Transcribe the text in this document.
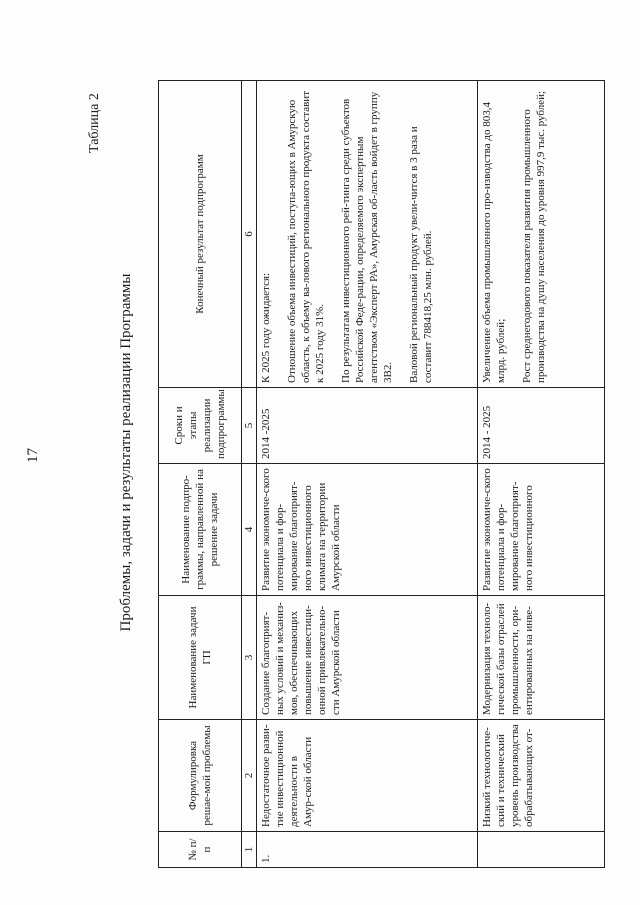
17
Таблица 2
Проблемы, задачи и результаты реализации Программы
№ п/п	Формулировка решае-мой проблемы	Наименование задачи ГП	Наименование подпро-граммы, направленной на решение задачи	Сроки и этапы реализации подпрограммы	Конечный результат подпрограмм
1	2	3	4	5	6
1.	Недостаточное разви-тие инвестиционной деятельности в Амур-ской области	Создание благоприят-ных условий и механиз-мов, обеспечивающих повышение инвестици-онной привлекательно-сти Амурской области	Развитие экономиче-ского потенциала и фор-мирование благоприят-ного инвестиционного климата на территории Амурской области	2014 -2025	К 2025 году ожидается: Отношение объема инвестиций, поступа-ющих в Амурскую область, к объему ва-лового регионального продукта составит к 2025 году 31%. По результатам инвестиционного рей-тинга среди субъектов Российской Феде-рации, определяемого экспертным агентством «Эксперт РА», Амурская об-ласть войдет в группу 3В2. Валовой региональный продукт увели-чится в 3 раза и составит 788418,25 млн. рублей.

	Низкий технологиче-ский и технический уровень производства обрабатывающих от-	Модернизация техноло-гической базы отраслей промышленности, ори-ентированных на инве-	Развитие экономиче-ского потенциала и фор-мирование благоприят-ного инвестиционного	2014 - 2025	Увеличение объема промышленного про-изводства до 803,4 млрд. рублей; Рост среднегодового показателя развития промышленного производства на душу населения до уровня 997,9 тыс. рублей;
